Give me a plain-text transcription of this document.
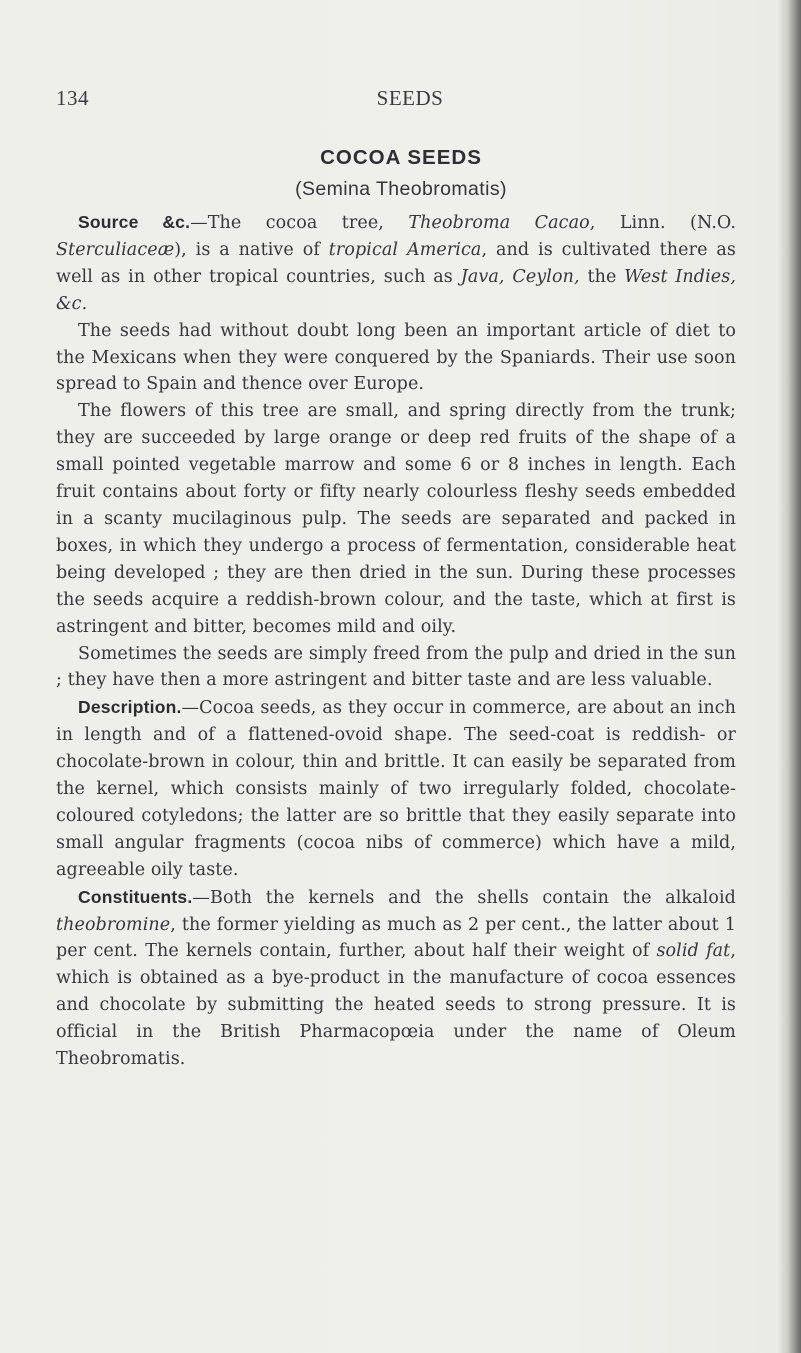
134	SEEDS
COCOA SEEDS
(Semina Theobromatis)

Source &c.—The cocoa tree, Theobroma Cacao, Linn. (N.O. Sterculiaceæ), is a native of tropical America, and is cultivated there as well as in other tropical countries, such as Java, Ceylon, the West Indies, &c.

The seeds had without doubt long been an important article of diet to the Mexicans when they were conquered by the Spaniards. Their use soon spread to Spain and thence over Europe.

The flowers of this tree are small, and spring directly from the trunk; they are succeeded by large orange or deep red fruits of the shape of a small pointed vegetable marrow and some 6 or 8 inches in length. Each fruit contains about forty or fifty nearly colourless fleshy seeds embedded in a scanty mucilaginous pulp. The seeds are separated and packed in boxes, in which they undergo a process of fermentation, considerable heat being developed ; they are then dried in the sun. During these processes the seeds acquire a reddish-brown colour, and the taste, which at first is astringent and bitter, becomes mild and oily.

Sometimes the seeds are simply freed from the pulp and dried in the sun ; they have then a more astringent and bitter taste and are less valuable.

Description.—Cocoa seeds, as they occur in commerce, are about an inch in length and of a flattened-ovoid shape. The seed-coat is reddish- or chocolate-brown in colour, thin and brittle. It can easily be separated from the kernel, which consists mainly of two irregularly folded, chocolate-coloured cotyledons; the latter are so brittle that they easily separate into small angular fragments (cocoa nibs of commerce) which have a mild, agreeable oily taste.

Constituents.—Both the kernels and the shells contain the alkaloid theobromine, the former yielding as much as 2 per cent., the latter about 1 per cent. The kernels contain, further, about half their weight of solid fat, which is obtained as a bye-product in the manufacture of cocoa essences and chocolate by submitting the heated seeds to strong pressure. It is official in the British Pharmacopœia under the name of Oleum Theobromatis.
